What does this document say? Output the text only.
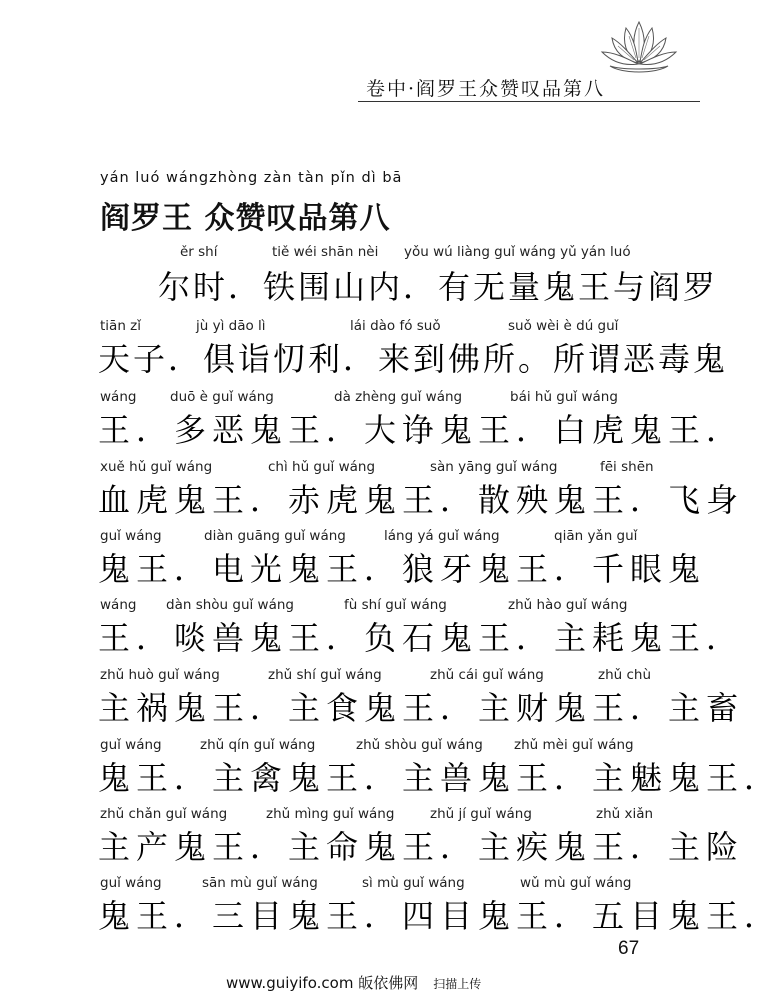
卷中·阎罗王众赞叹品第八
yán luó wángzhòng zàn tàn pǐn dì bā
阎罗王 众赞叹品第八
ěr shí	tiě wéi shān nèi yǒu wú liàng guǐ wáng yǔ yán luó
尔时．铁围山内．有无量鬼王与阎罗
tiān zǐ	jù yì dāo lì	lái dào fó suǒ	suǒ wèi è dú guǐ
天子．俱诣忉利．来到佛所。所谓恶毒鬼
wáng duō è guǐ wáng	dà zhèng guǐ wáng	bái hǔ guǐ wáng
王．多恶鬼王．大诤鬼王．白虎鬼王．
xuě hǔ guǐ wáng	chì hǔ guǐ wáng	sàn yāng guǐ wáng	fēi shēn
血虎鬼王．赤虎鬼王．散殃鬼王．飞身
guǐ wáng	diàn guāng guǐ wáng	láng yá guǐ wáng	qiān yǎn guǐ
鬼王．电光鬼王．狼牙鬼王．千眼鬼
wáng dàn shòu guǐ wáng	fù shí guǐ wáng	zhǔ hào guǐ wáng
王．啖兽鬼王．负石鬼王．主耗鬼王．
zhǔ huò guǐ wáng	zhǔ shí guǐ wáng	zhǔ cái guǐ wáng	zhǔ chù
主祸鬼王．主食鬼王．主财鬼王．主畜
guǐ wáng	zhǔ qín guǐ wáng	zhǔ shòu guǐ wáng zhǔ mèi guǐ wáng
鬼王．主禽鬼王．主兽鬼王．主魅鬼王．
zhǔ chǎn guǐ wáng	zhǔ mìng guǐ wáng	zhǔ jí guǐ wáng	zhǔ xiǎn
主产鬼王．主命鬼王．主疾鬼王．主险
guǐ wáng	sān mù guǐ wáng	sì mù guǐ wáng	wǔ mù guǐ wáng
鬼王．三目鬼王．四目鬼王．五目鬼王．
67
www.guiyifo.com 皈依佛网 扫描上传
